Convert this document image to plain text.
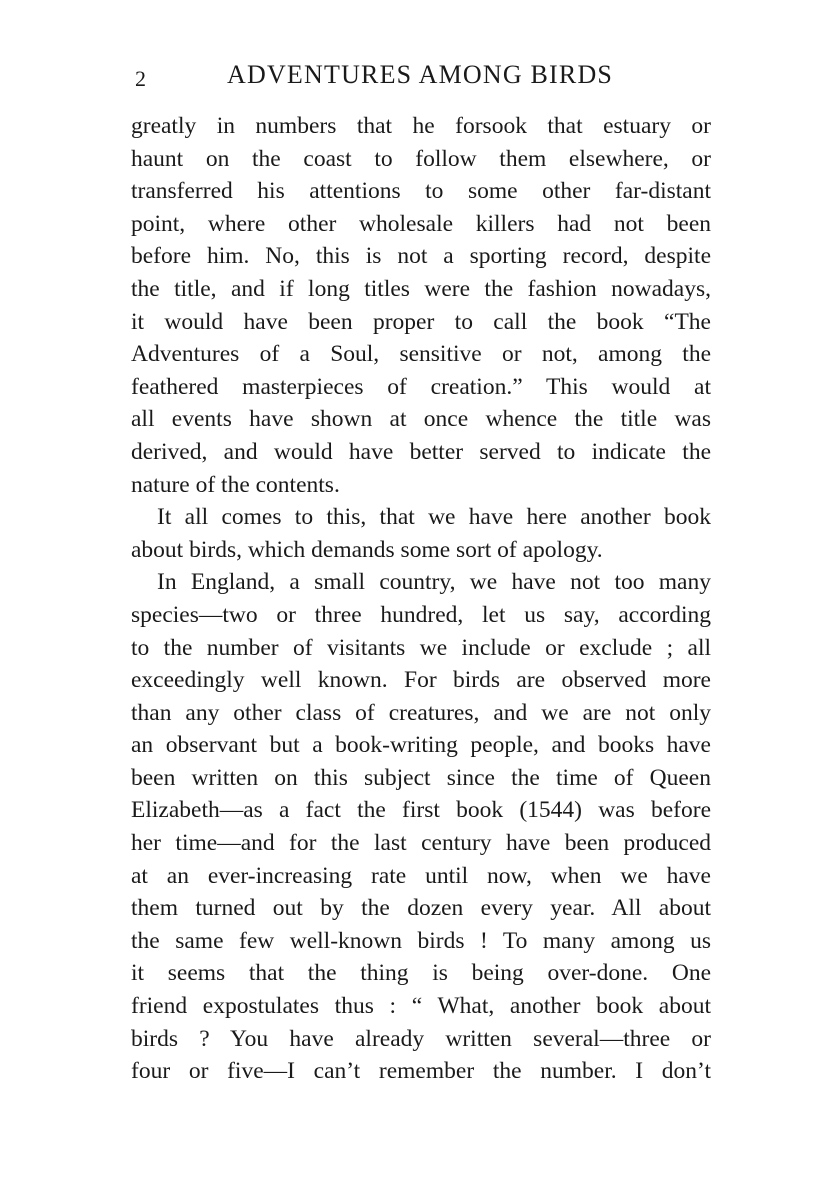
2	ADVENTURES AMONG BIRDS
greatly in numbers that he forsook that estuary or
haunt on the coast to follow them elsewhere, or
transferred his attentions to some other far-distant
point, where other wholesale killers had not been
before him. No, this is not a sporting record, despite
the title, and if long titles were the fashion nowadays,
it would have been proper to call the book “The
Adventures of a Soul, sensitive or not, among the
feathered masterpieces of creation.” This would at
all events have shown at once whence the title was
derived, and would have better served to indicate the
nature of the contents.
It all comes to this, that we have here another book
about birds, which demands some sort of apology.
In England, a small country, we have not too many
species—two or three hundred, let us say, according
to the number of visitants we include or exclude ; all
exceedingly well known. For birds are observed more
than any other class of creatures, and we are not only
an observant but a book-writing people, and books have
been written on this subject since the time of Queen
Elizabeth—as a fact the first book (1544) was before
her time—and for the last century have been produced
at an ever-increasing rate until now, when we have
them turned out by the dozen every year. All about
the same few well-known birds ! To many among us
it seems that the thing is being over-done. One
friend expostulates thus : “ What, another book about
birds ? You have already written several—three or
four or five—I can’t remember the number. I don’t
